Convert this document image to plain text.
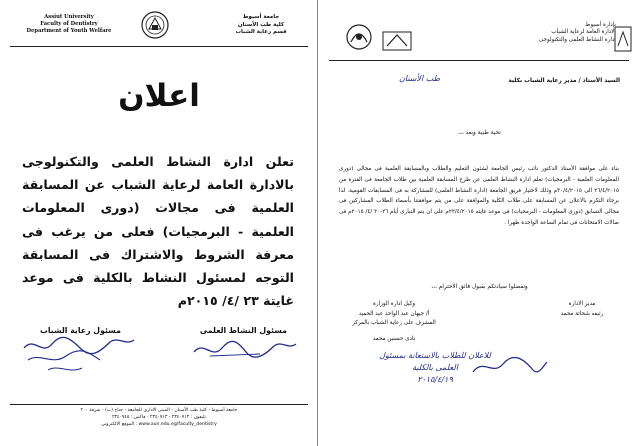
Assiut University
Faculty of Dentistry
Department of Youth Welfare
جامعة أسيوط
كلية طب الأسنان
قسم رعاية الشباب
اعلان
تعلن ادارة النشاط العلمى والتكنولوجى بالادارة العامة لرعاية الشباب عن المسابقة العلمية فى مجالات (دورى المعلومات العلمية - البرمجيات) فعلى من يرغب فى معرفة الشروط والاشتراك فى المسابقة التوجه لمسئول النشاط بالكلية فى موعد غايتة ٢٣ /٤/ ٢٠١٥م
مسئول النشاط العلمى
مسئول رعاية الشباب
جامعة أسيوط - كلية طب الأسنان - المبنى الادارى للجامعة - جناح (ب) - شرقة ٢٠٠
تليفون : ٢٣٤٠٧١٢ - ٢٣٤٠٧١٣ - فاكس : ٢٣٤٠٧٤٥
الموقع الالكترونى : www.aun.edu.eg/faculty_dentistry
بإدارة أسيوط
الادارة العامة لرعاية الشباب
ادارة النشاط العلمى والتكنولوجى
السيد الأستاذ / مدير رعاية الشباب بكلية
طب الأسنان
تحية طيبة وبعد ،،،
بناء على موافقة الأستاذ الدكتور نائب رئيس الجامعة لشئون التعليم والطلاب وبالمسابقة العلمية فى مجالى (دورى المعلومات العلمية - البرمجيات) تعلم ادارة النشاط العلمى عن طرح المسابقة العلمية بين طلاب الجامعة فى الفترة من ٢٦/٤/٢٠١٥ الى ٣٠/٤/٢٠١٥م وذلك لاختيار فريق الجامعة (ادارة النشاط العلمى) للمشاركة به فى المسابقات القومية. لذا برجاء التكرم بالاعلان عن المسابقة على طلاب الكلية والموافقة على من يتم موافقتنا بأسماء الطلاب المشاركين فى مجالى التسابق (دورى المعلومات - البرمجيات) فى موعد غايته ٢٣/٤/٢٠١٥م على ان يتم التبارى أيام ٢٦-٣٠ /٤/ ٢٠١٥م فى صالات الامتحانات فى تمام الساعة الواحدة ظهرا .
وتفضلوا سيادتكم بقبول فائق الاحترام ،،،
مدير الادارة
رئيفه شحاتة محمد
وكيل ادارة الوزارة
أ/ جيهان عبد الواحد عبد الحميد
المشرف على رعاية الشباب بالمركز
نادى حسنين محمد
للاعلان للطلاب بالاستعانة بمسئول
العلمى بالكلية
٢٠١٥/٤/١٩
